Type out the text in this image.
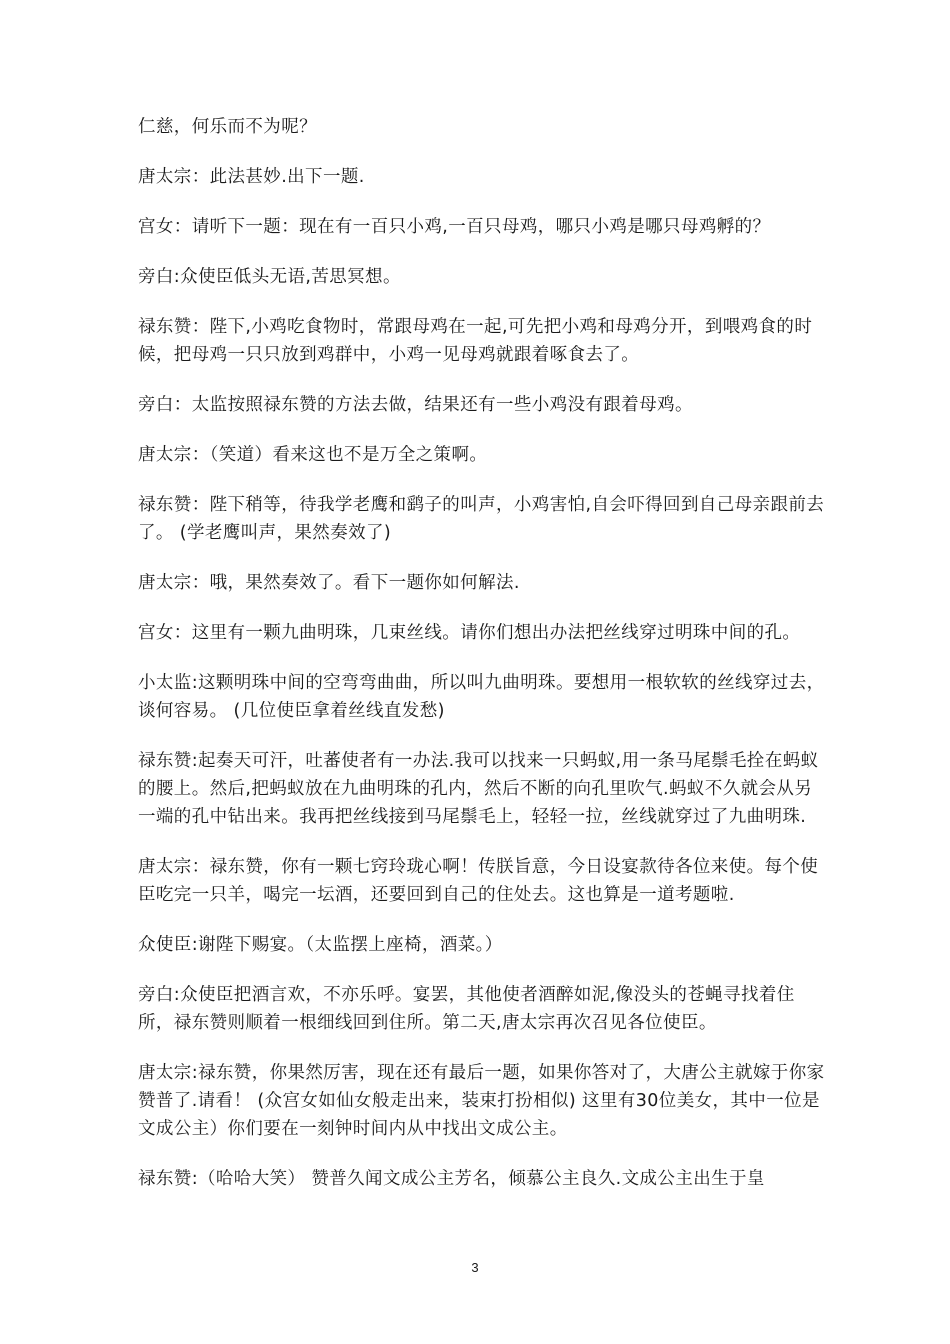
仁慈，何乐而不为呢？

唐太宗：此法甚妙.出下一题.

宫女：请听下一题：现在有一百只小鸡,一百只母鸡，哪只小鸡是哪只母鸡孵的？

旁白:众使臣低头无语,苦思冥想。

禄东赞：陛下,小鸡吃食物时，常跟母鸡在一起,可先把小鸡和母鸡分开，到喂鸡食的时候，把母鸡一只只放到鸡群中，小鸡一见母鸡就跟着啄食去了。

旁白：太监按照禄东赞的方法去做，结果还有一些小鸡没有跟着母鸡。

唐太宗：（笑道）看来这也不是万全之策啊。

禄东赞：陛下稍等，待我学老鹰和鹞子的叫声，小鸡害怕,自会吓得回到自己母亲跟前去了。 (学老鹰叫声，果然奏效了)

唐太宗：哦，果然奏效了。看下一题你如何解法.

宫女：这里有一颗九曲明珠，几束丝线。请你们想出办法把丝线穿过明珠中间的孔。

小太监:这颗明珠中间的空弯弯曲曲，所以叫九曲明珠。要想用一根软软的丝线穿过去，谈何容易。 (几位使臣拿着丝线直发愁)

禄东赞:起奏天可汗，吐蕃使者有一办法.我可以找来一只蚂蚁,用一条马尾鬃毛拴在蚂蚁的腰上。然后,把蚂蚁放在九曲明珠的孔内，然后不断的向孔里吹气.蚂蚁不久就会从另一端的孔中钻出来。我再把丝线接到马尾鬃毛上，轻轻一拉，丝线就穿过了九曲明珠.

唐太宗：禄东赞，你有一颗七窍玲珑心啊！传朕旨意，今日设宴款待各位来使。每个使臣吃完一只羊，喝完一坛酒，还要回到自己的住处去。这也算是一道考题啦.

众使臣:谢陛下赐宴。（太监摆上座椅，酒菜。）

旁白:众使臣把酒言欢，不亦乐呼。宴罢，其他使者酒醉如泥,像没头的苍蝇寻找着住所，禄东赞则顺着一根细线回到住所。第二天,唐太宗再次召见各位使臣。

唐太宗:禄东赞，你果然厉害，现在还有最后一题，如果你答对了，大唐公主就嫁于你家赞普了.请看！ (众宫女如仙女般走出来，装束打扮相似) 这里有30位美女，其中一位是文成公主）你们要在一刻钟时间内从中找出文成公主。

禄东赞:（哈哈大笑） 赞普久闻文成公主芳名，倾慕公主良久.文成公主出生于皇

3
